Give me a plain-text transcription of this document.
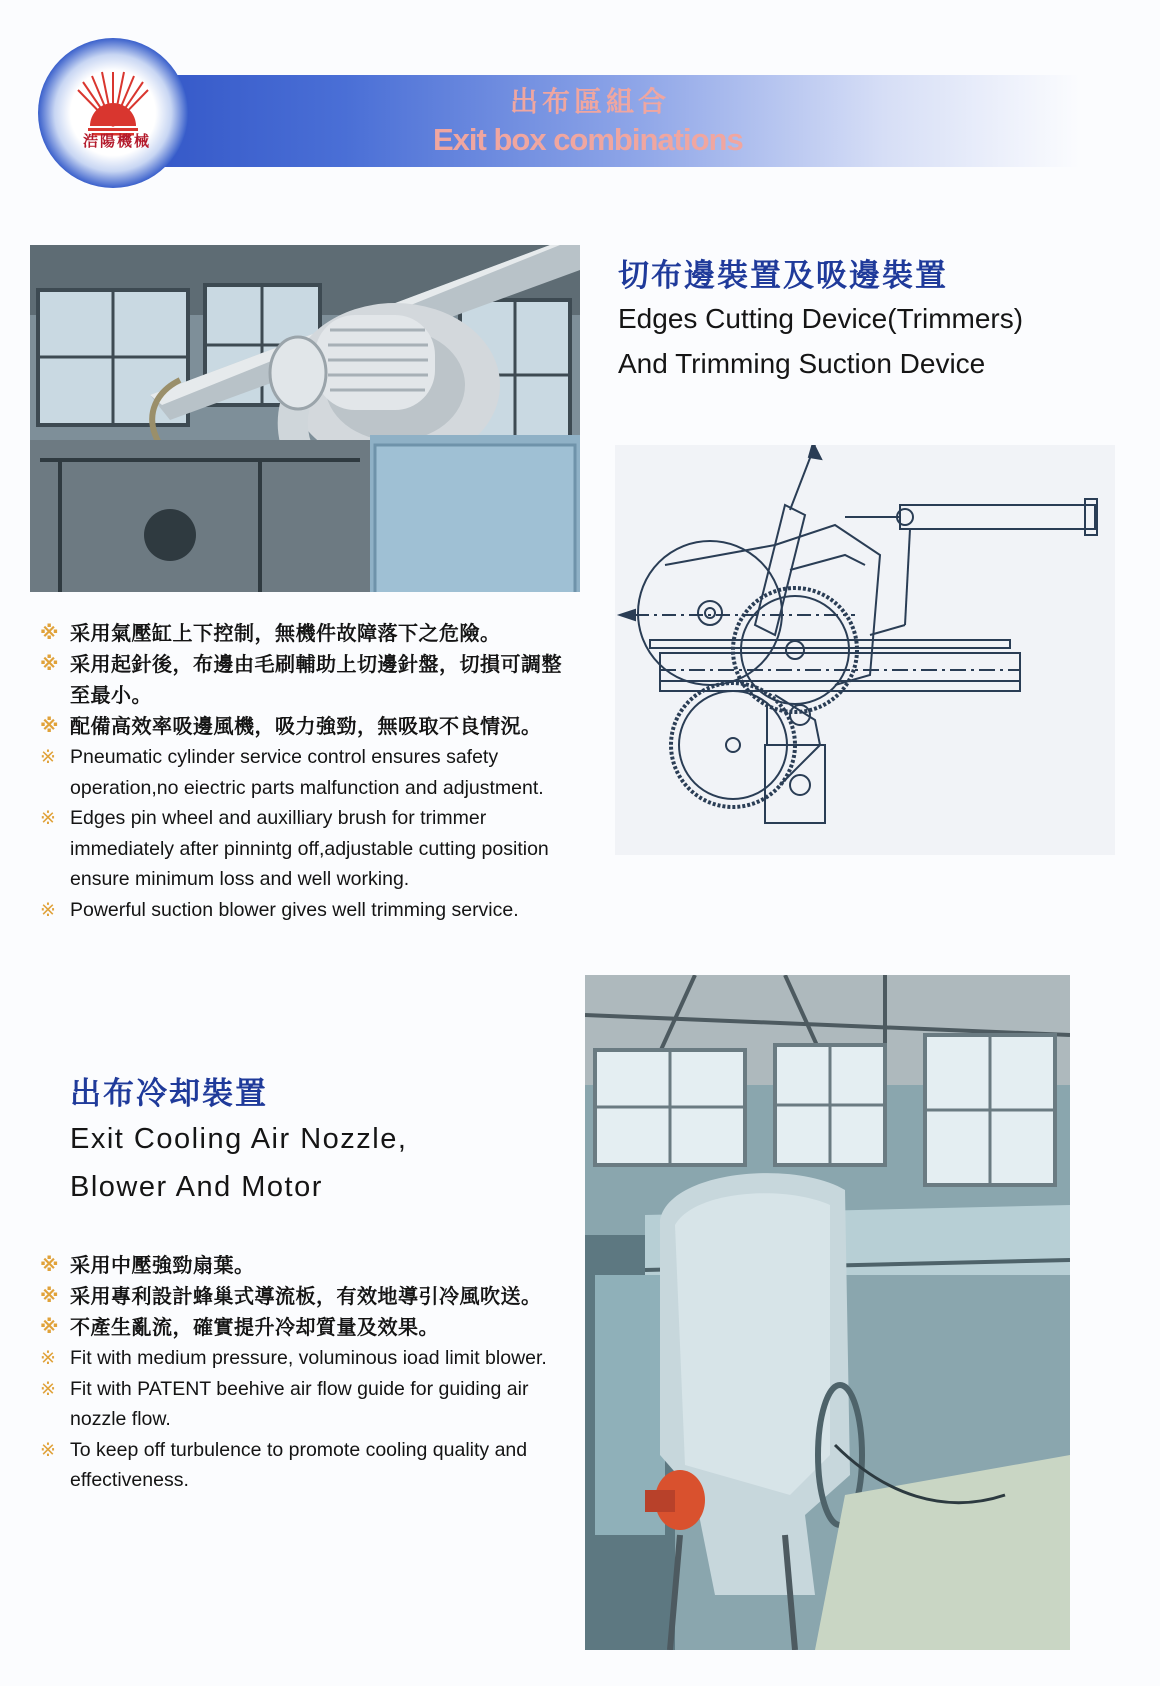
浩陽機械
出布區組合
Exit box combinations

切布邊裝置及吸邊裝置

Edges Cutting Device(Trimmers)

And Trimming Suction Device

※ 采用氣壓缸上下控制，無機件故障落下之危險。
※ 采用起針後，布邊由毛刷輔助上切邊針盤，切損可調整至最小。
※ 配備高效率吸邊風機，吸力強勁，無吸取不良情況。
※ Pneumatic cylinder service control ensures safety operation,no eiectric parts malfunction and adjustment.
※ Edges pin wheel and auxilliary brush for trimmer immediately after pinnintg off,adjustable cutting position ensure minimum loss and well working.
※ Powerful suction blower gives well trimming service.

出布冷却裝置

Exit Cooling Air Nozzle,

Blower And Motor

※ 采用中壓強勁扇葉。
※ 采用專利設計蜂巢式導流板，有效地導引冷風吹送。
※ 不產生亂流，確實提升冷却質量及效果。
※ Fit with medium pressure, voluminous ioad limit blower.
※ Fit with PATENT beehive air flow guide for guiding air nozzle flow.
※ To keep off turbulence to promote cooling quality and effectiveness.
